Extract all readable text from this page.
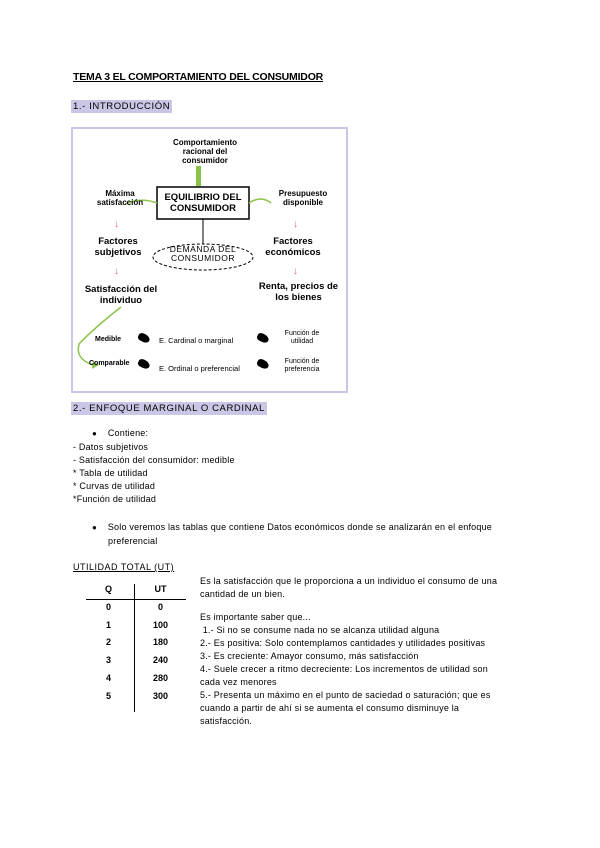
TEMA 3 EL COMPORTAMIENTO DEL CONSUMIDOR
1.- INTRODUCCIÓN
Comportamiento racional del consumidor
EQUILIBRIO DEL CONSUMIDOR
Máxima satisfacción
Presupuesto disponible
DEMANDA DEL CONSUMIDOR
↓	↓
Factores subjetivos
Factores económicos
↓	↓
Satisfacción del individuo
Renta, precios de los bienes
Medible	E. Cardinal o marginal
Función de utilidad
Comparable
E. Ordinal o preferencial
Función de preferencia
2.- ENFOQUE MARGINAL O CARDINAL
● Contiene:
- Datos subjetivos
- Satisfacción del consumidor: medible
* Tabla de utilidad
* Curvas de utilidad
*Función de utilidad
● Solo veremos las tablas que contiene Datos económicos donde se analizarán en el enfoque
preferencial
UTILIDAD TOTAL (UT)
Q	UT
0	0
1	100
2	180
3	240
4	280
5	300
Es la satisfacción que le proporciona a un individuo el consumo de una
cantidad de un bien.
Es importante saber que...
1.- Si no se consume nada no se alcanza utilidad alguna
2.- Es positiva: Solo contemplamos cantidades y utilidades positivas
3.- Es creciente: Amayor consumo, más satisfacción
4.- Suele crecer a ritmo decreciente: Los incrementos de utilidad son
cada vez menores
5.- Presenta un máximo en el punto de saciedad o saturación; que es
cuando a partir de ahí si se aumenta el consumo disminuye la
satisfacción.
